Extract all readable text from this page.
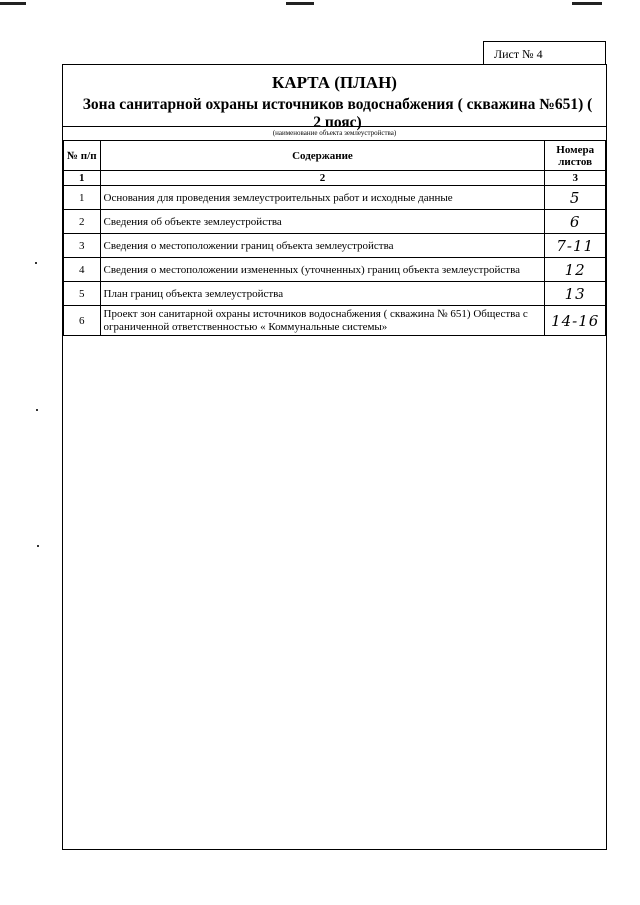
Лист № 4
КАРТА (ПЛАН)
Зона санитарной охраны источников водоснабжения ( скважина №651) ( 2 пояс)
(наименование объекта землеустройства)
№ п/п	Содержание	Номера листов
1	2	3
1	Основания для проведения землеустроительных работ и исходные данные	5
2	Сведения об объекте землеустройства	6
3	Сведения о местоположении границ объекта землеустройства	7-11
4	Сведения о местоположении измененных (уточненных) границ объекта землеустройства	12
5	План границ объекта землеустройства	13
6	Проект зон санитарной охраны источников водоснабжения ( скважина № 651) Общества с ограниченной ответственностью « Коммунальные системы»	14-16
